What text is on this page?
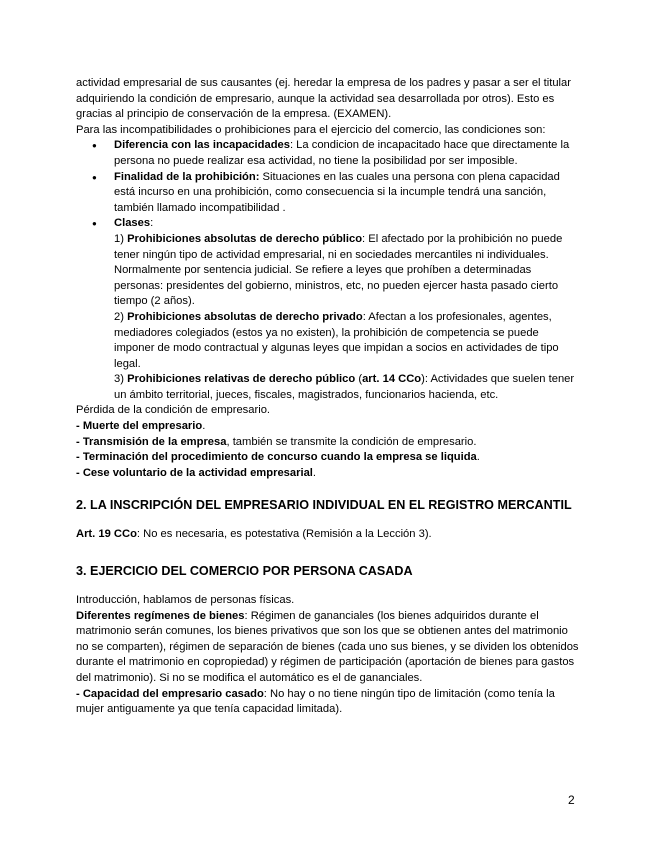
actividad empresarial de sus causantes (ej. heredar la empresa de los padres y pasar a ser el titular adquiriendo la condición de empresario, aunque la actividad sea desarrollada por otros). Esto es gracias al principio de conservación de la empresa. (EXAMEN).

Para las incompatibilidades o prohibiciones para el ejercicio del comercio, las condiciones son:

● Diferencia con las incapacidades: La condicion de incapacitado hace que directamente la persona no puede realizar esa actividad, no tiene la posibilidad por ser imposible.
● Finalidad de la prohibición: Situaciones en las cuales una persona con plena capacidad está incurso en una prohibición, como consecuencia si la incumple tendrá una sanción, también llamado incompatibilidad .
● Clases:

1) Prohibiciones absolutas de derecho público: El afectado por la prohibición no puede tener ningún tipo de actividad empresarial, ni en sociedades mercantiles ni individuales. Normalmente por sentencia judicial. Se refiere a leyes que prohíben a determinadas personas: presidentes del gobierno, ministros, etc, no pueden ejercer hasta pasado cierto tiempo (2 años).

2) Prohibiciones absolutas de derecho privado: Afectan a los profesionales, agentes, mediadores colegiados (estos ya no existen), la prohibición de competencia se puede imponer de modo contractual y algunas leyes que impidan a socios en actividades de tipo legal.

3) Prohibiciones relativas de derecho público (art. 14 CCo): Actividades que suelen tener un ámbito territorial, jueces, fiscales, magistrados, funcionarios hacienda, etc.

Pérdida de la condición de empresario.

- Muerte del empresario.

- Transmisión de la empresa, también se transmite la condición de empresario.

- Terminación del procedimiento de concurso cuando la empresa se liquida.

- Cese voluntario de la actividad empresarial.

2. LA INSCRIPCIÓN DEL EMPRESARIO INDIVIDUAL EN EL REGISTRO MERCANTIL

Art. 19 CCo: No es necesaria, es potestativa (Remisión a la Lección 3).

3. EJERCICIO DEL COMERCIO POR PERSONA CASADA

Introducción, hablamos de personas físicas.

Diferentes regímenes de bienes: Régimen de gananciales (los bienes adquiridos durante el matrimonio serán comunes, los bienes privativos que son los que se obtienen antes del matrimonio no se comparten), régimen de separación de bienes (cada uno sus bienes, y se dividen los obtenidos durante el matrimonio en copropiedad) y régimen de participación (aportación de bienes para gastos del matrimonio). Si no se modifica el automático es el de gananciales.

- Capacidad del empresario casado: No hay o no tiene ningún tipo de limitación (como tenía la mujer antiguamente ya que tenía capacidad limitada).

2
